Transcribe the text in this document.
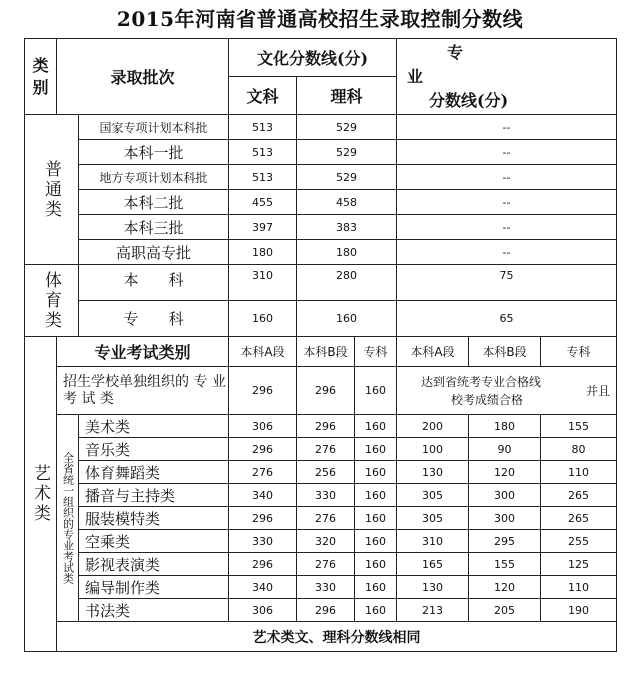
2015年河南省普通高校招生录取控制分数线
类别	录取批次		文化分数线(分)			专
业
分数线(分)		

			文科	理科				
普通类		国家专项计划本科批	513	529		--		
		本科一批	513	529		--		
		地方专项计划本科批	513	529		--		
		本科二批	455	458		--		
		本科三批	397	383		--		
		高职高专批	180	180		--		
体育类		本　　科	310	280		75		
		专　　科	160	160		65		
艺术类	专业考试类别		本科A段	本科B段	专科	本科A段	本科B段	专科
	招生学校单独组织的 专 业 考 试 类		296	296	160	达到省统考专业合格线
校考成绩合格
并且		

	全省统一组织的专业考试类	美术类	306	296	160	200	180	155
		音乐类	296	276	160	100	90	80
		体育舞蹈类	276	256	160	130	120	110
		播音与主持类	340	330	160	305	300	265
		服装模特类	296	276	160	305	300	265
		空乘类	330	320	160	310	295	255
		影视表演类	296	276	160	165	155	125
		编导制作类	340	330	160	130	120	110
		书法类	306	296	160	213	205	190
	艺术类文、理科分数线相同							
